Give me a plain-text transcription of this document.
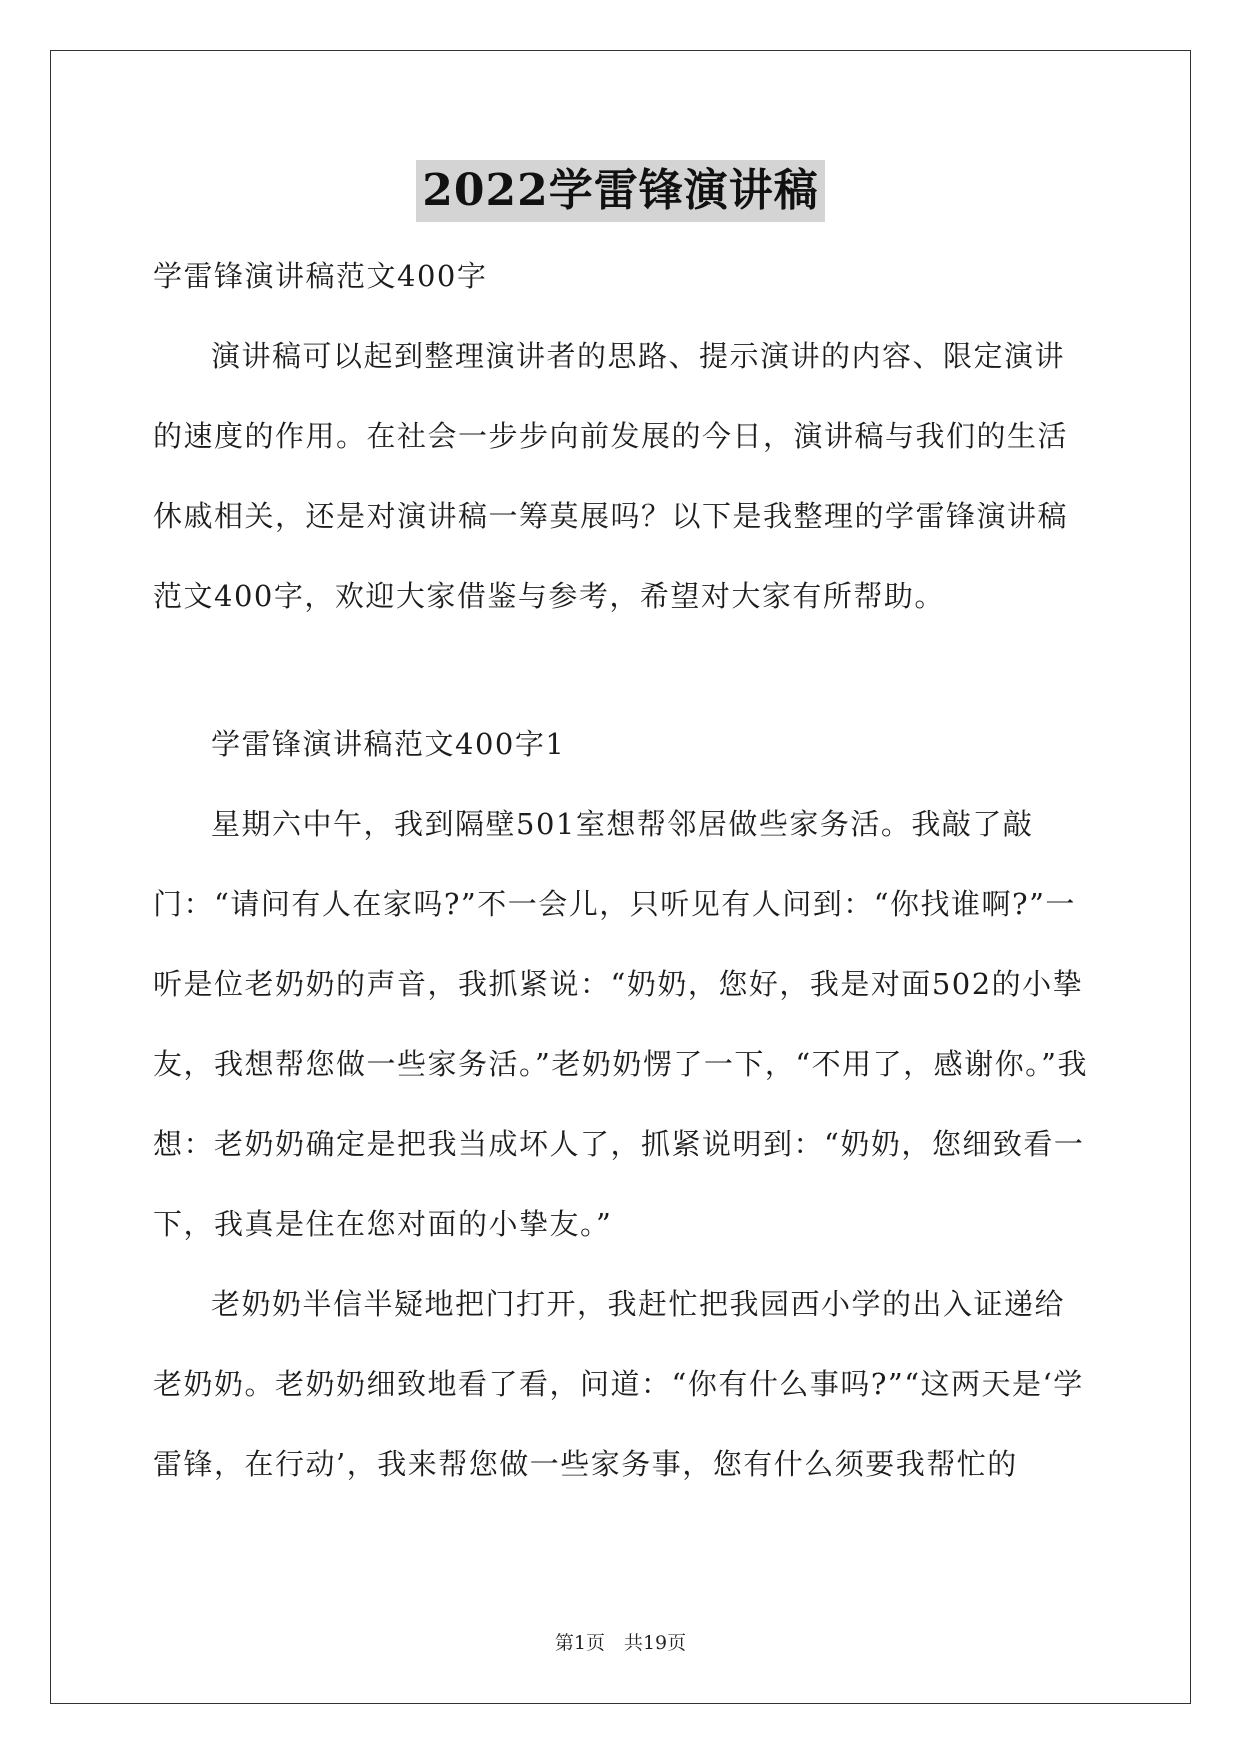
2022学雷锋演讲稿

学雷锋演讲稿范文400字

演讲稿可以起到整理演讲者的思路、提示演讲的内容、限定演讲的速度的作用。在社会一步步向前发展的今日，演讲稿与我们的生活休戚相关，还是对演讲稿一筹莫展吗？以下是我整理的学雷锋演讲稿范文400字，欢迎大家借鉴与参考，希望对大家有所帮助。

学雷锋演讲稿范文400字1

星期六中午，我到隔壁501室想帮邻居做些家务活。我敲了敲门：“请问有人在家吗?”不一会儿，只听见有人问到：“你找谁啊?”一听是位老奶奶的声音，我抓紧说：“奶奶，您好，我是对面502的小挚友，我想帮您做一些家务活。”老奶奶愣了一下，“不用了，感谢你。”我想：老奶奶确定是把我当成坏人了，抓紧说明到：“奶奶，您细致看一下，我真是住在您对面的小挚友。”

老奶奶半信半疑地把门打开，我赶忙把我园西小学的出入证递给老奶奶。老奶奶细致地看了看，问道：“你有什么事吗?”“这两天是‘学雷锋，在行动’，我来帮您做一些家务事，您有什么须要我帮忙的

第1页　共19页
